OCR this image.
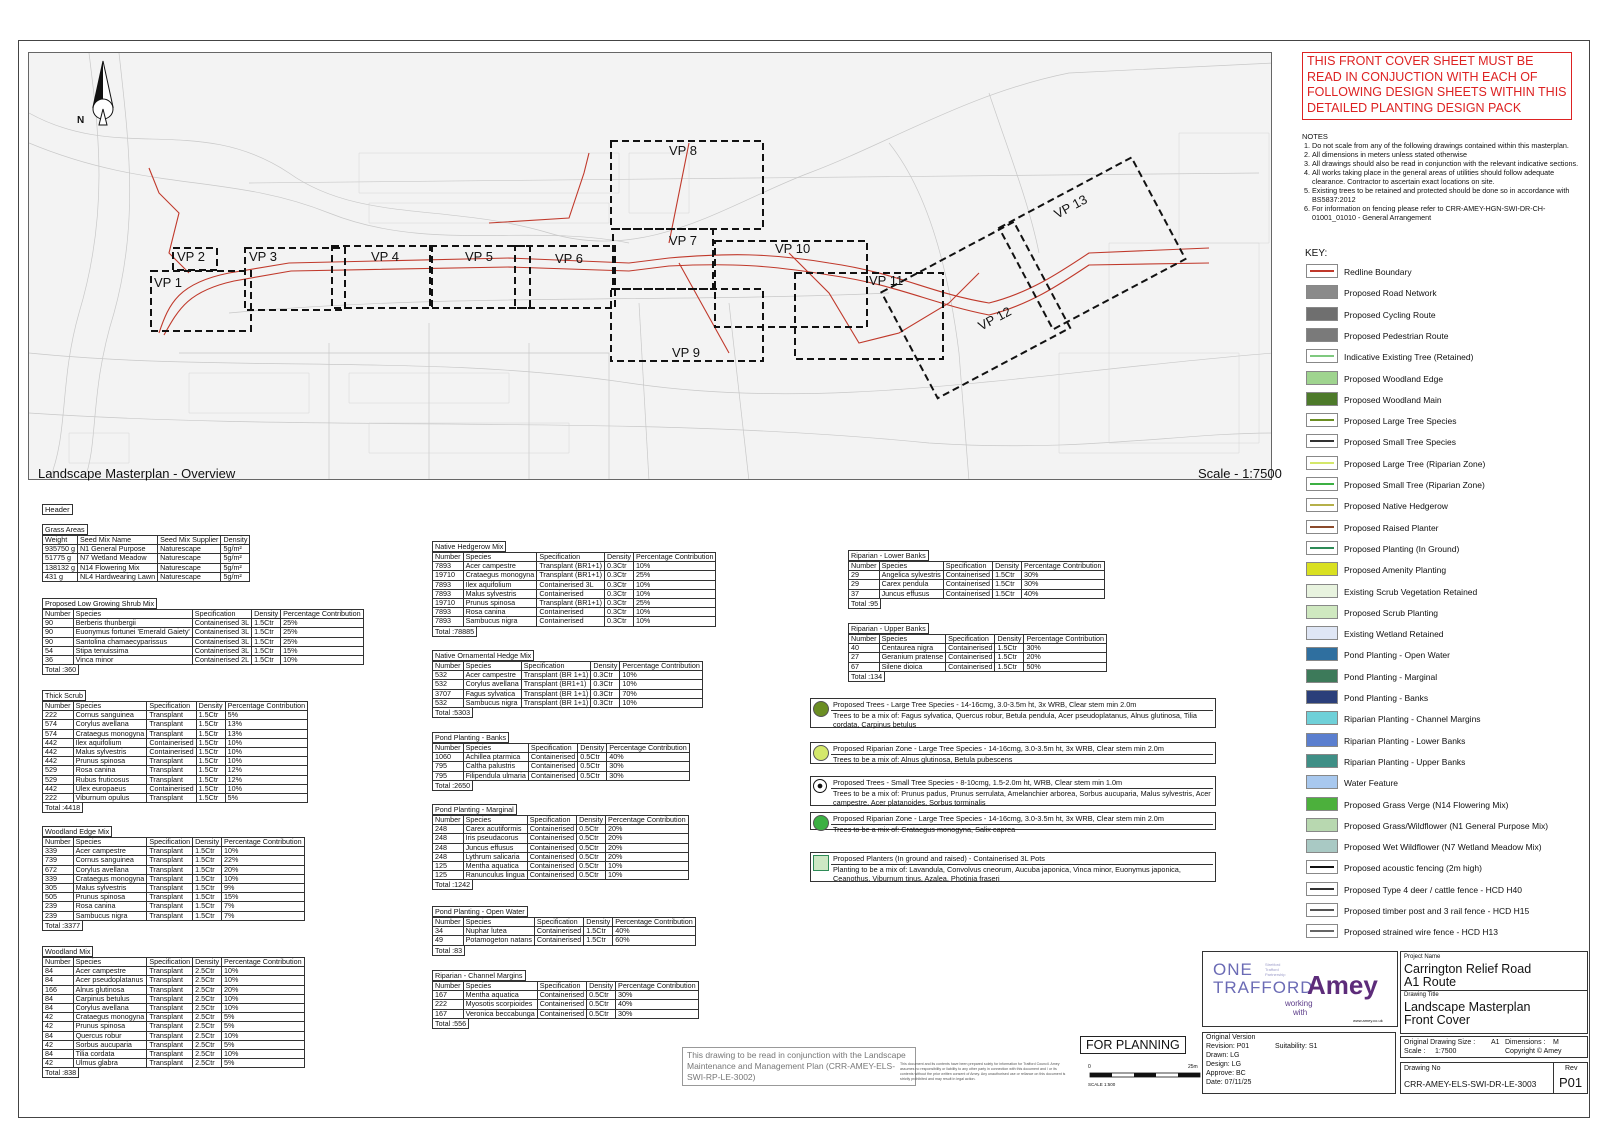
N
VP 1
VP 2	VP 3	VP 4	VP 5	VP 6
VP 7
VP 8
VP 9
VP 10
VP 11
VP 12
VP 13
Landscape Masterplan - Overview	Scale - 1:7500
THIS FRONT COVER SHEET MUST BE READ IN CONJUCTION WITH EACH OF FOLLOWING DESIGN SHEETS WITHIN THIS DETAILED PLANTING DESIGN PACK
NOTES
1. Do not scale from any of the following drawings contained within this masterplan.
2. All dimensions in meters unless stated otherwise
3. All drawings should also be read in conjunction with the relevant indicative sections.
4. All works taking place in the general areas of utilities should follow adequate clearance. Contractor to ascertain exact locations on site.
5. Existing trees to be retained and protected should be done so in accordance with BS5837:2012
6. For information on fencing please refer to CRR-AMEY-HGN-SWI-DR-CH-01001_01010 - General Arrangement
KEY:
Redline Boundary
Proposed Road Network
Proposed Cycling Route
Proposed Pedestrian Route
Indicative Existing Tree (Retained)
Proposed Woodland Edge
Proposed Woodland Main
Proposed Large Tree Species
Proposed Small Tree Species
Proposed Large Tree (Riparian Zone)
Proposed Small Tree (Riparian Zone)
Proposed Native Hedgerow
Proposed Raised Planter
Proposed Planting (In Ground)
Proposed Amenity Planting
Existing Scrub Vegetation Retained
Proposed Scrub Planting
Existing Wetland Retained
Pond Planting - Open Water
Pond Planting - Marginal
Pond Planting - Banks
Riparian Planting - Channel Margins
Riparian Planting - Lower Banks
Riparian Planting - Upper Banks
Water Feature
Proposed Grass Verge (N14 Flowering Mix)
Proposed Grass/Wildflower (N1 General Purpose Mix)
Proposed Wet Wildflower (N7 Wetland Meadow Mix)
Proposed acoustic fencing (2m high)
Proposed Type 4 deer / cattle fence - HCD H40
Proposed timber post and 3 rail fence - HCD H15
Proposed strained wire fence - HCD H13
Header
Grass Areas

Weight	Seed Mix Name	Seed Mix Supplier	Density
935750 g	N1 General Purpose	Naturescape	5g/m²
51775 g	N7 Wetland Meadow	Naturescape	5g/m²
138132 g	N14 Flowering Mix	Naturescape	5g/m²
431 g	NL4 Hardwearing Lawn	Naturescape	5g/m²
Proposed Low Growing Shrub Mix

Number	Species	Specification	Density	Percentage Contribution
90	Berberis thunbergii	Containerised 3L	1.5Ctr	25%
90	Euonymus fortunei 'Emerald Gaiety'	Containerised 3L	1.5Ctr	25%
90	Santolina chamaecyparissus	Containerised 3L	1.5Ctr	25%
54	Stipa tenuissima	Containerised 3L	1.5Ctr	15%
36	Vinca minor	Containerised 2L	1.5Ctr	10%
Total :360
Thick Scrub

Number	Species	Specification	Density	Percentage Contribution
222	Cornus sanguinea	Transplant	1.5Ctr	5%
574	Corylus avellana	Transplant	1.5Ctr	13%
574	Crataegus monogyna	Transplant	1.5Ctr	13%
442	Ilex aquifolium	Containerised	1.5Ctr	10%
442	Malus sylvestris	Containerised	1.5Ctr	10%
442	Prunus spinosa	Transplant	1.5Ctr	10%
529	Rosa canina	Transplant	1.5Ctr	12%
529	Rubus fruticosus	Transplant	1.5Ctr	12%
442	Ulex europaeus	Containerised	1.5Ctr	10%
222	Viburnum opulus	Transplant	1.5Ctr	5%
Total :4418
Woodland Edge Mix

Number	Species	Specification	Density	Percentage Contribution
339	Acer campestre	Transplant	1.5Ctr	10%
739	Cornus sanguinea	Transplant	1.5Ctr	22%
672	Corylus avellana	Transplant	1.5Ctr	20%
339	Crataegus monogyna	Transplant	1.5Ctr	10%
305	Malus sylvestris	Transplant	1.5Ctr	9%
505	Prunus spinosa	Transplant	1.5Ctr	15%
239	Rosa canina	Transplant	1.5Ctr	7%
239	Sambucus nigra	Transplant	1.5Ctr	7%
Total :3377
Woodland Mix

Number	Species	Specification	Density	Percentage Contribution
84	Acer campestre	Transplant	2.5Ctr	10%
84	Acer pseudoplatanus	Transplant	2.5Ctr	10%
166	Alnus glutinosa	Transplant	2.5Ctr	20%
84	Carpinus betulus	Transplant	2.5Ctr	10%
84	Corylus avellana	Transplant	2.5Ctr	10%
42	Crataegus monogyna	Transplant	2.5Ctr	5%
42	Prunus spinosa	Transplant	2.5Ctr	5%
84	Quercus robur	Transplant	2.5Ctr	10%
42	Sorbus aucuparia	Transplant	2.5Ctr	5%
84	Tilia cordata	Transplant	2.5Ctr	10%
42	Ulmus glabra	Transplant	2.5Ctr	5%
Total :838
Native Hedgerow Mix

Number	Species	Specification	Density	Percentage Contribution
7893	Acer campestre	Transplant (BR1+1)	0.3Ctr	10%
19710	Crataegus monogyna	Transplant (BR1+1)	0.3Ctr	25%
7893	Ilex aquifolium	Containerised 3L	0.3Ctr	10%
7893	Malus sylvestris	Containerised	0.3Ctr	10%
19710	Prunus spinosa	Transplant (BR1+1)	0.3Ctr	25%
7893	Rosa canina	Containerised	0.3Ctr	10%
7893	Sambucus nigra	Containerised	0.3Ctr	10%
Total :78885
Native Ornamental Hedge Mix

Number	Species	Specification	Density	Percentage Contribution
532	Acer campestre	Transplant (BR 1+1)	0.3Ctr	10%
532	Corylus avellana	Transplant (BR1+1)	0.3Ctr	10%
3707	Fagus sylvatica	Transplant (BR 1+1)	0.3Ctr	70%
532	Sambucus nigra	Transplant (BR 1+1)	0.3Ctr	10%
Total :5303
Pond Planting - Banks

Number	Species	Specification	Density	Percentage Contribution
1060	Achillea ptarmica	Containerised	0.5Ctr	40%
795	Caltha palustris	Containerised	0.5Ctr	30%
795	Filipendula ulmaria	Containerised	0.5Ctr	30%
Total :2650
Pond Planting - Marginal

Number	Species	Specification	Density	Percentage Contribution
248	Carex acutiformis	Containerised	0.5Ctr	20%
248	Iris pseudacorus	Containerised	0.5Ctr	20%
248	Juncus effusus	Containerised	0.5Ctr	20%
248	Lythrum salicaria	Containerised	0.5Ctr	20%
125	Mentha aquatica	Containerised	0.5Ctr	10%
125	Ranunculus lingua	Containerised	0.5Ctr	10%
Total :1242
Pond Planting - Open Water

Number	Species	Specification	Density	Percentage Contribution
34	Nuphar lutea	Containerised	1.5Ctr	40%
49	Potamogeton natans	Containerised	1.5Ctr	60%
Total :83
Riparian - Channel Margins

Number	Species	Specification	Density	Percentage Contribution
167	Mentha aquatica	Containerised	0.5Ctr	30%
222	Myosotis scorpioides	Containerised	0.5Ctr	40%
167	Veronica beccabunga	Containerised	0.5Ctr	30%
Total :556
Riparian - Lower Banks

Number	Species	Specification	Density	Percentage Contribution
29	Angelica sylvestris	Containerised	1.5Ctr	30%
29	Carex pendula	Containerised	1.5Ctr	30%
37	Juncus effusus	Containerised	1.5Ctr	40%
Total :95
Riparian - Upper Banks

Number	Species	Specification	Density	Percentage Contribution
40	Centaurea nigra	Containerised	1.5Ctr	30%
27	Geranium pratense	Containerised	1.5Ctr	20%
67	Silene dioica	Containerised	1.5Ctr	50%
Total :134
Proposed Trees - Large Tree Species - 14-16cmg, 3.0-3.5m ht, 3x WRB, Clear stem min 2.0m
Trees to be a mix of: Fagus sylvatica, Quercus robur, Betula pendula, Acer pseudoplatanus, Alnus glutinosa, Tilia cordata, Carpinus betulus
Proposed Riparian Zone - Large Tree Species - 14-16cmg, 3.0-3.5m ht, 3x WRB, Clear stem min 2.0m
Trees to be a mix of: Alnus glutinosa, Betula pubescens
Proposed Trees - Small Tree Species - 8-10cmg, 1.5-2.0m ht, WRB, Clear stem min 1.0m
Trees to be a mix of: Prunus padus, Prunus serrulata, Amelanchier arborea, Sorbus aucuparia, Malus sylvestris, Acer campestre, Acer platanoides, Sorbus torminalis
Proposed Riparian Zone - Large Tree Species - 14-16cmg, 3.0-3.5m ht, 3x WRB, Clear stem min 2.0m
Trees to be a mix of: Crataegus monogyna, Salix caprea
Proposed Planters (In ground and raised) - Containerised 3L Pots
Planting to be a mix of: Lavandula, Convolvus cneorum, Aucuba japonica, Vinca minor, Euonymus japonica, Ceanothus, Viburnum tinus, Azalea, Photinia fraseri
This drawing to be read in conjunction with the Landscape Maintenance and Management Plan (CRR-AMEY-ELS-SWI-RP-LE-3002)
FOR PLANNING
This document and its contents have been prepared solely for information for Trafford Council. Amey assumes no responsibility or liability to any other party in connection with this document and / or its contents without the prior written consent of Amey. Any unauthorised use or reliance on this document is strictly prohibited and may result in legal action.
0	25m
SCALE 1:500
ONE
TRAFFORD
Stretford Trafford Partnership
working
with
Amey
www.amey.co.uk
Project Name
Carrington Relief Road
A1 Route
Drawing Title
Landscape Masterplan
Front Cover
Original Version
Revision: P01	Suitability: S1
Drawn: LG
Design: LG
Approve: BC
Date: 07/11/25
Original Drawing Size : A1 Dimensions : M
Scale : 1:7500	Copyright © Amey
Drawing No
CRR-AMEY-ELS-SWI-DR-LE-3003
Rev
P01
